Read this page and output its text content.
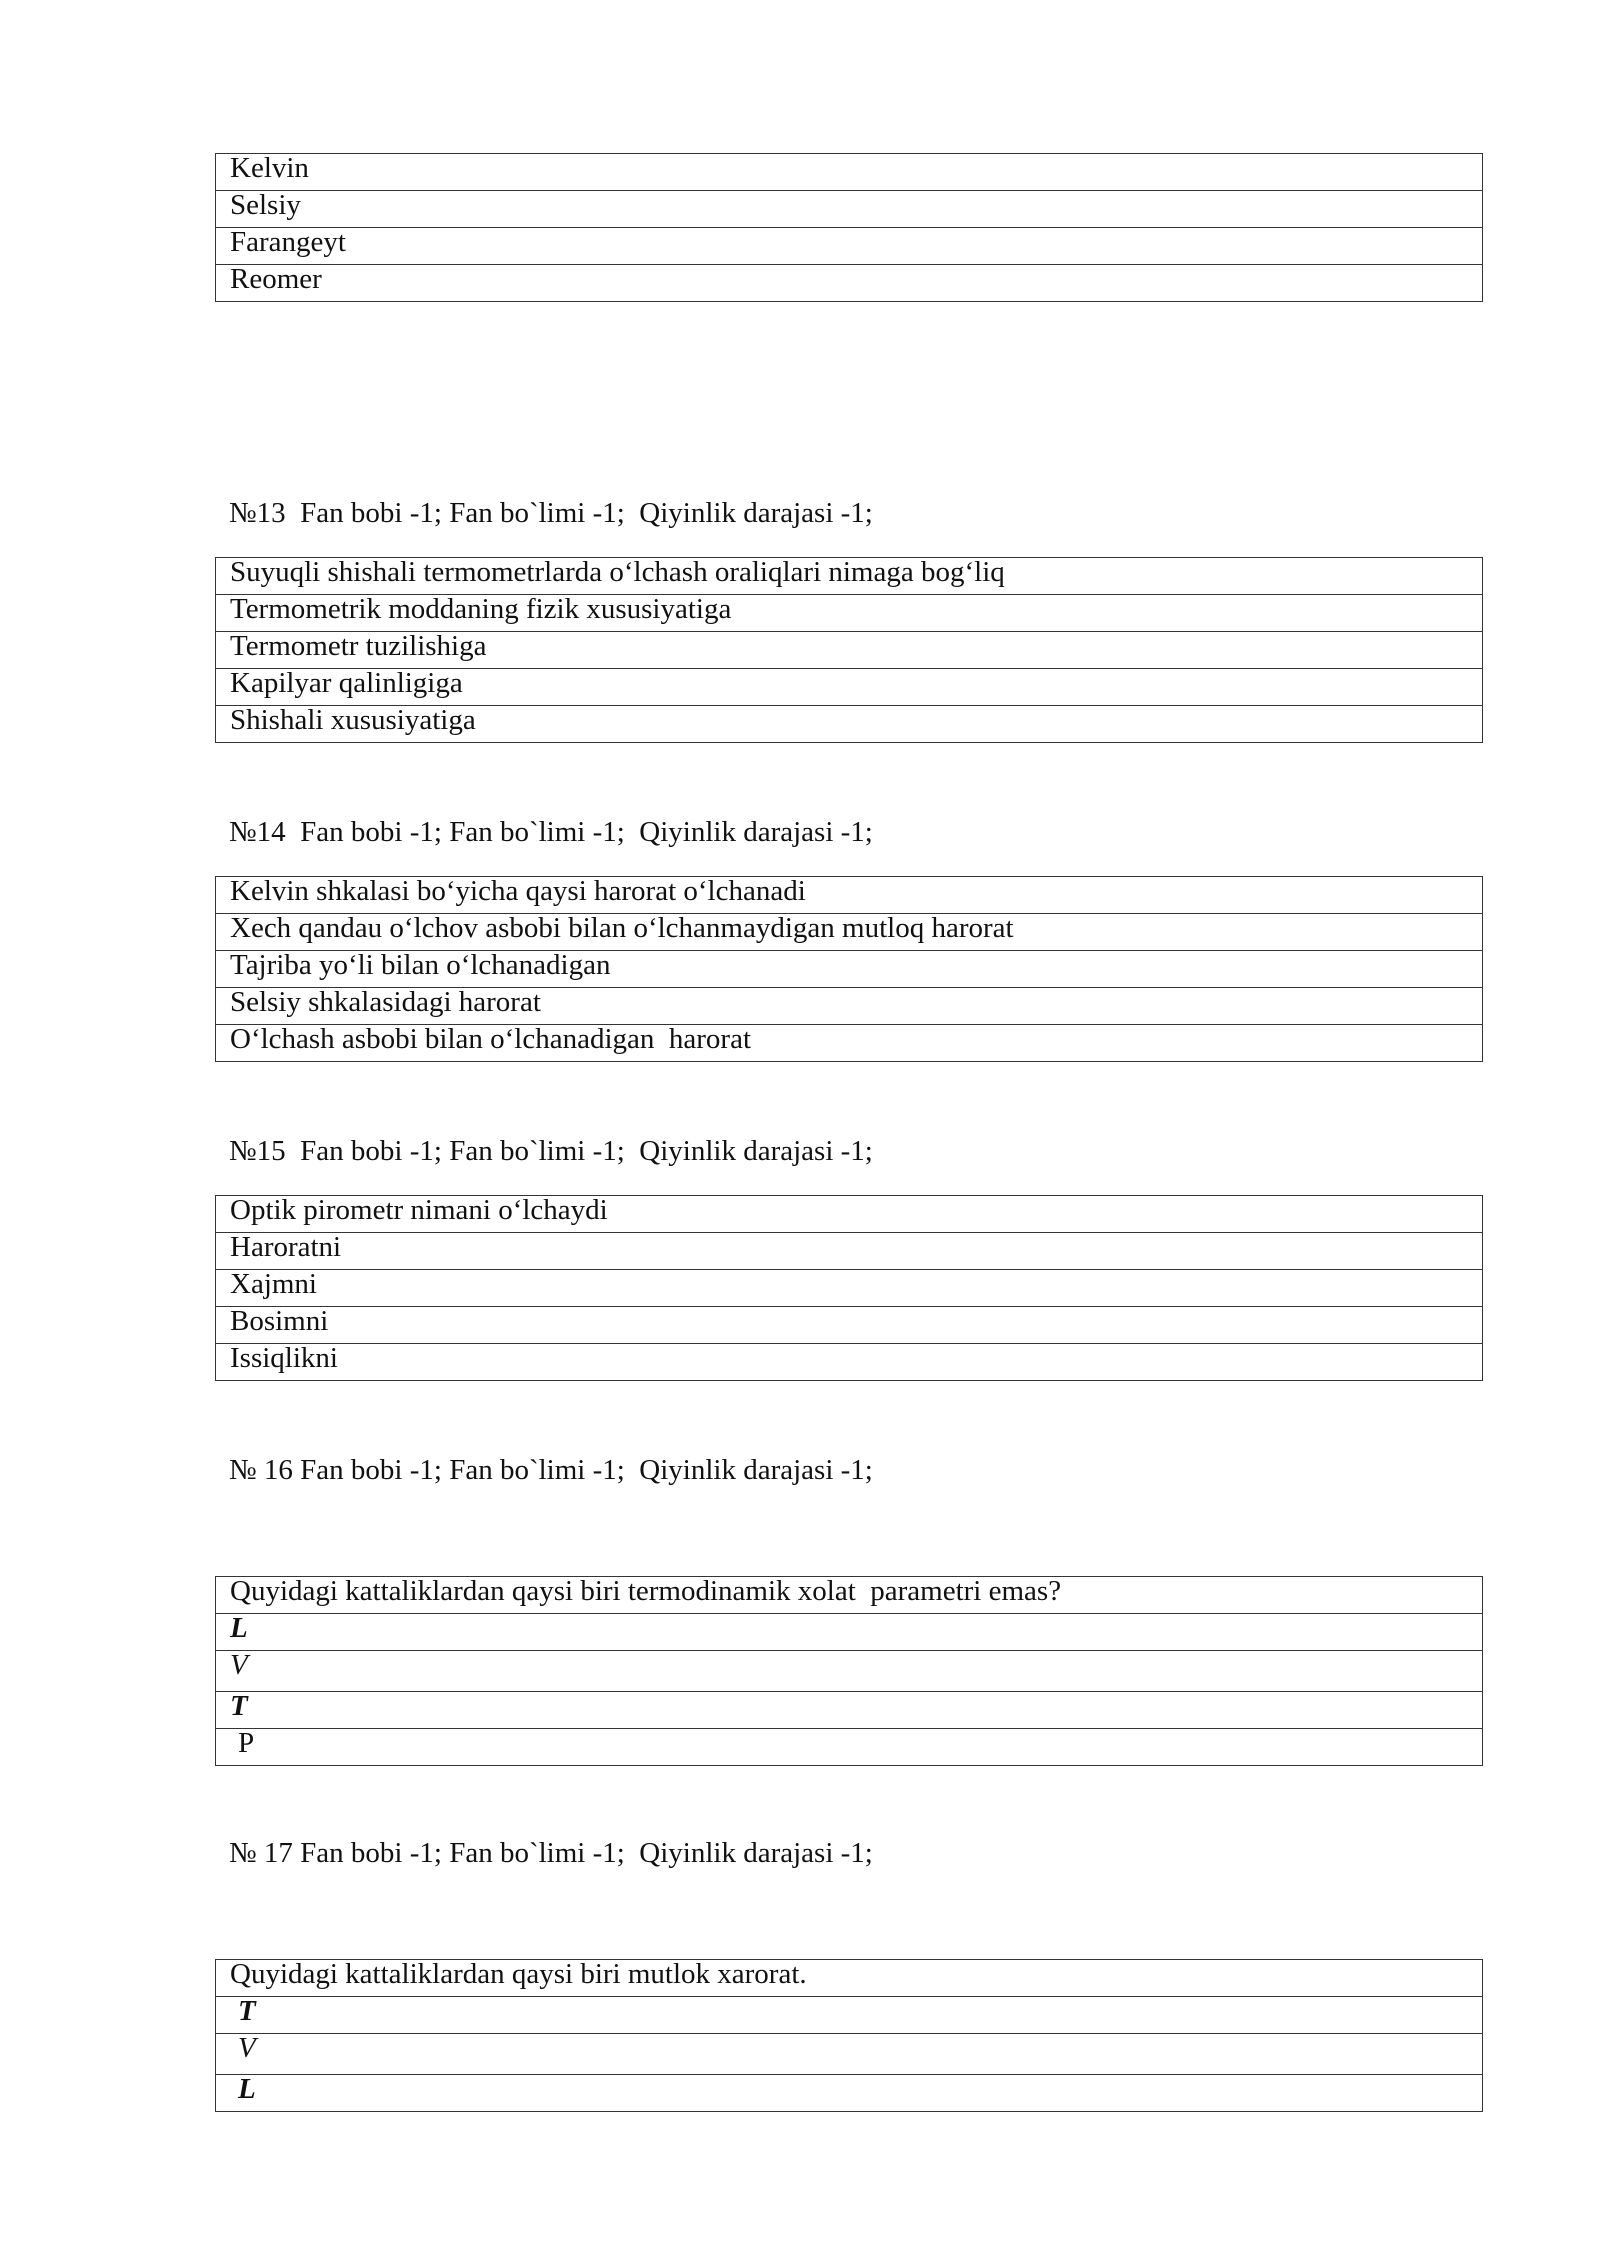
Kelvin
Selsiy
Farangeyt
Reomer

№13  Fan bobi -1; Fan bo`limi -1;  Qiyinlik darajasi -1;

Suyuqli shishali termometrlarda o‘lchash oraliqlari nimaga bog‘liq
Termometrik moddaning fizik xususiyatiga
Termometr tuzilishiga
Kapilyar qalinligiga
Shishali xususiyatiga

№14  Fan bobi -1; Fan bo`limi -1;  Qiyinlik darajasi -1;

Kelvin shkalasi bo‘yicha qaysi harorat o‘lchanadi
Xech qandau o‘lchov asbobi bilan o‘lchanmaydigan mutloq harorat
Tajriba yo‘li bilan o‘lchanadigan
Selsiy shkalasidagi harorat
O‘lchash asbobi bilan o‘lchanadigan  harorat

№15  Fan bobi -1; Fan bo`limi -1;  Qiyinlik darajasi -1;

Optik pirometr nimani o‘lchaydi
Haroratni
Xajmni
Bosimni
Issiqlikni

№ 16 Fan bobi -1; Fan bo`limi -1;  Qiyinlik darajasi -1;

Quyidagi kattaliklardan qaysi biri termodinamik xolat  parametri emas?
L
V
T
P

№ 17 Fan bobi -1; Fan bo`limi -1;  Qiyinlik darajasi -1;

Quyidagi kattaliklardan qaysi biri mutlok xarorat.
T
V
L
